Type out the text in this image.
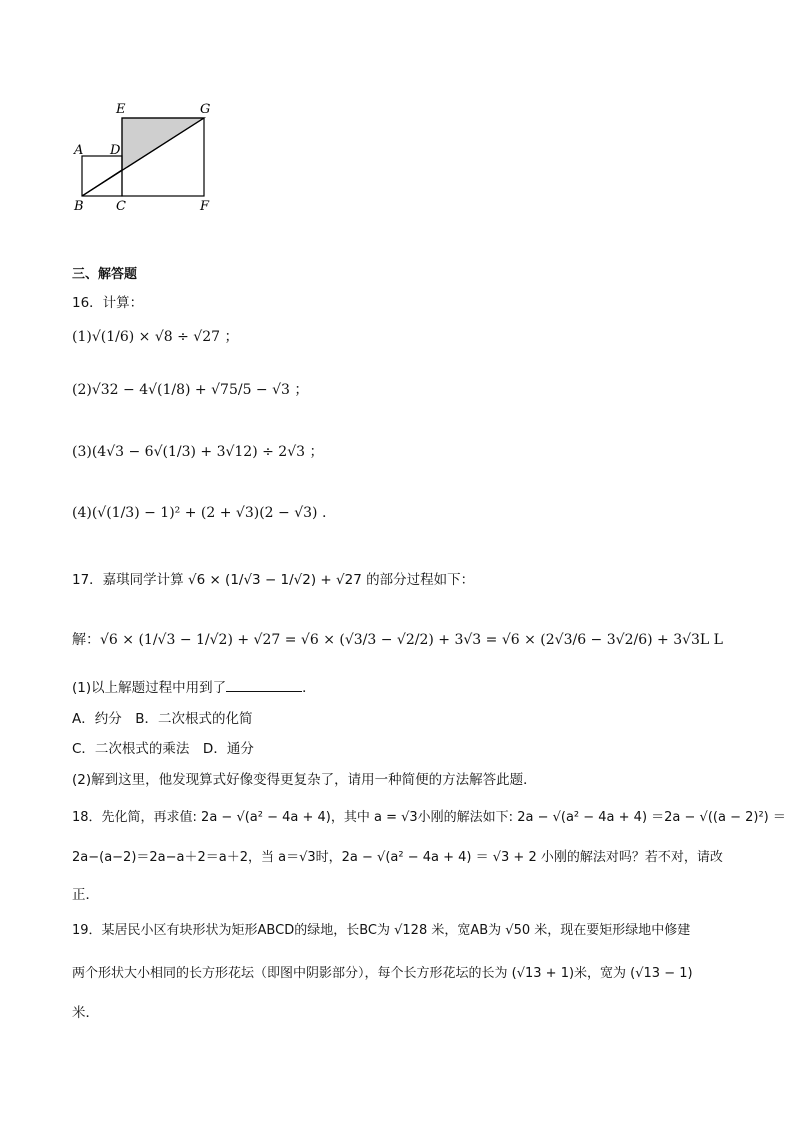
E	G
A D
B C	F
三、解答题
16．计算：
(1)√(1/6) × √8 ÷ √27 ；
(2)√32 − 4√(1/8) + √75/5 − √3 ；
(3)(4√3 − 6√(1/3) + 3√12) ÷ 2√3 ；
(4)(√(1/3) − 1)² + (2 + √3)(2 − √3) .
17．嘉琪同学计算 √6 × (1/√3 − 1/√2) + √27 的部分过程如下：
解：√6 × (1/√3 − 1/√2) + √27 = √6 × (√3/3 − √2/2) + 3√3 = √6 × (2√3/6 − 3√2/6) + 3√3L L
(1)以上解题过程中用到了	．
A．约分　B．二次根式的化简
C．二次根式的乘法　D．通分
(2)解到这里，他发现算式好像变得更复杂了，请用一种简便的方法解答此题．
18．先化简，再求值: 2a − √(a² − 4a + 4)，其中 a = √3小刚的解法如下: 2a − √(a² − 4a + 4) ＝2a − √((a − 2)²) ＝
2a−(a−2)＝2a−a＋2＝a＋2，当 a＝√3时，2a − √(a² − 4a + 4) ＝ √3 + 2 小刚的解法对吗？若不对，请改
正．
19．某居民小区有块形状为矩形ABCD的绿地，长BC为 √128 米，宽AB为 √50 米，现在要矩形绿地中修建
两个形状大小相同的长方形花坛（即图中阴影部分），每个长方形花坛的长为 (√13 + 1)米，宽为 (√13 − 1)
米．
